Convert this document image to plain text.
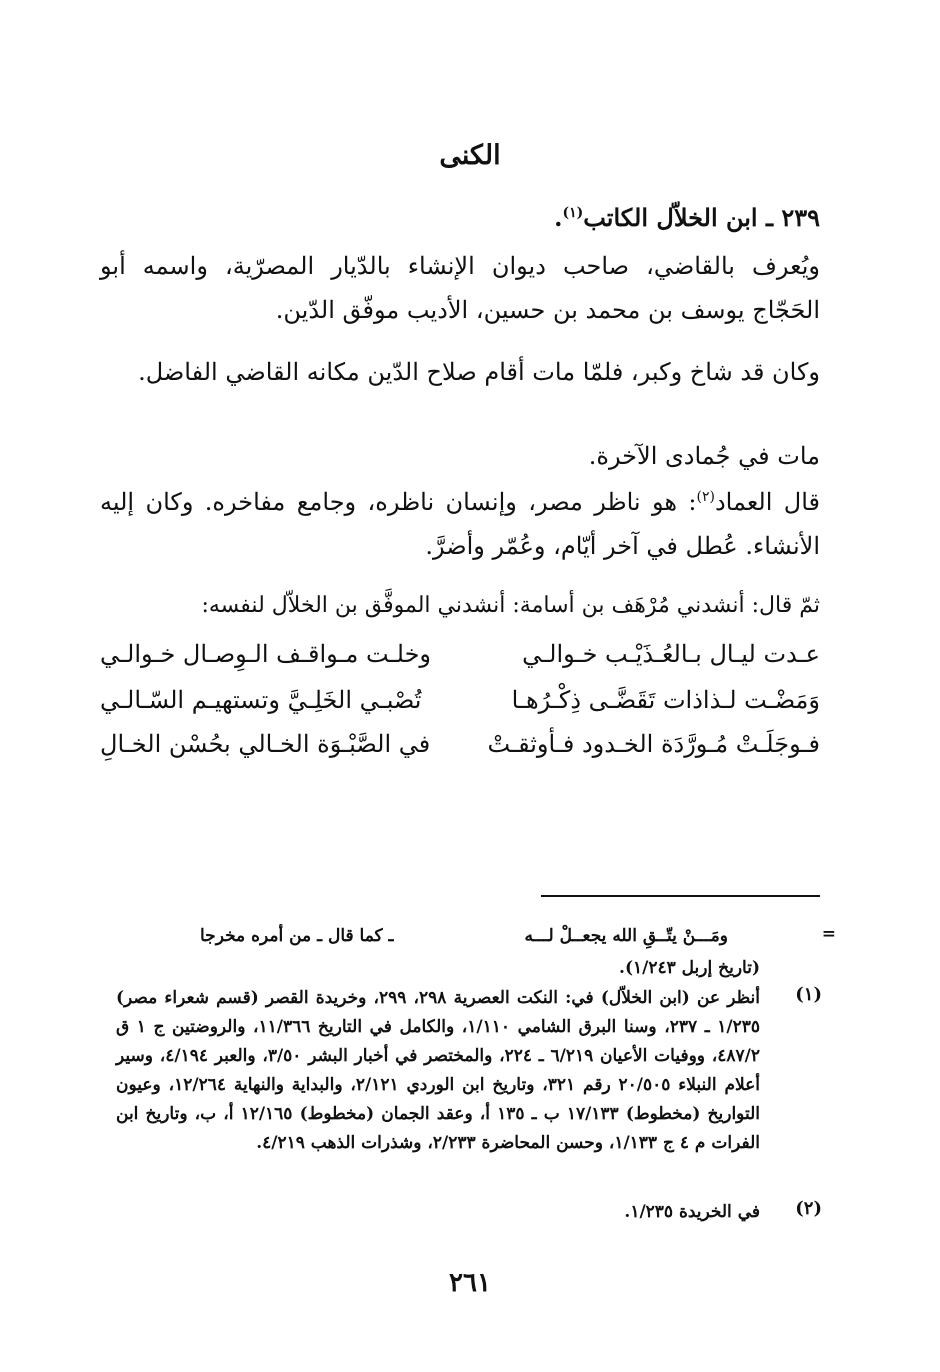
الكنى
٢٣٩ ـ ابن الخلاّل الكاتب$^{(١)}$.
ويُعرف بالقاضي، صاحب ديوان الإنشاء بالدّيار المصرّية، واسمه أبو الحَجّاج يوسف بن محمد بن حسين، الأديب موفّق الدّين.
وكان قد شاخ وكبر، فلمّا مات أقام صلاح الدّين مكانه القاضي الفاضل.
مات في جُمادى الآخرة.
قال العماد$^{(٢)}$: هو ناظر مصر، وإنسان ناظره، وجامع مفاخره. وكان إليه الأنشاء. عُطل في آخر أيّام، وعُمّر وأضرَّ.
ثمّ قال: أنشدني مُرْهَف بن أسامة: أنشدني الموفَّق بن الخلاّل لنفسه:
عـدت ليـال بـالعُـذَيْـب خـوالـي
وخلـت مـواقـف الـوِصـال خـوالـي
وَمَضْـت لـذاذات تَقَضَّـى ذِكْـرُهـا
تُصْبـي الخَلِـيَّ وتستهيـم السّـالـي
فـوجَلَـتْ مُـورَّدَة الخـدود فـأوثقـتْ
في الصَّبْـوَة الخـالي بحُسْن الخـالِ
=
ومَـــنْ يتّــقِ الله يجعــلْ لـــه
ـ كما قال ـ من أمره مخرجا
(تاريخ إربل ١/٢٤٣).
(١)
أنظر عن (ابن الخلاّل) في: النكت العصرية ٢٩٨، ٢٩٩، وخريدة القصر (قسم شعراء مصر) ١/٢٣٥ ـ ٢٣٧، وسنا البرق الشامي ١/١١٠، والكامل في التاريخ ١١/٣٦٦، والروضتين ج ١ ق ٤٨٧/٢، ووفيات الأعيان ٦/٢١٩ ـ ٢٢٤، والمختصر في أخبار البشر ٣/٥٠، والعبر ٤/١٩٤، وسير أعلام النبلاء ٢٠/٥٠٥ رقم ٣٢١، وتاريخ ابن الوردي ٢/١٢١، والبداية والنهاية ١٢/٢٦٤، وعيون التواريخ (مخطوط) ١٧/١٣٣ ب ـ ١٣٥ أ، وعقد الجمان (مخطوط) ١٢/١٦٥ أ، ب، وتاريخ ابن الفرات م ٤ ج ١/١٣٣، وحسن المحاضرة ٢/٢٣٣، وشذرات الذهب ٤/٢١٩.
(٢)
في الخريدة ١/٢٣٥.
٢٦١
